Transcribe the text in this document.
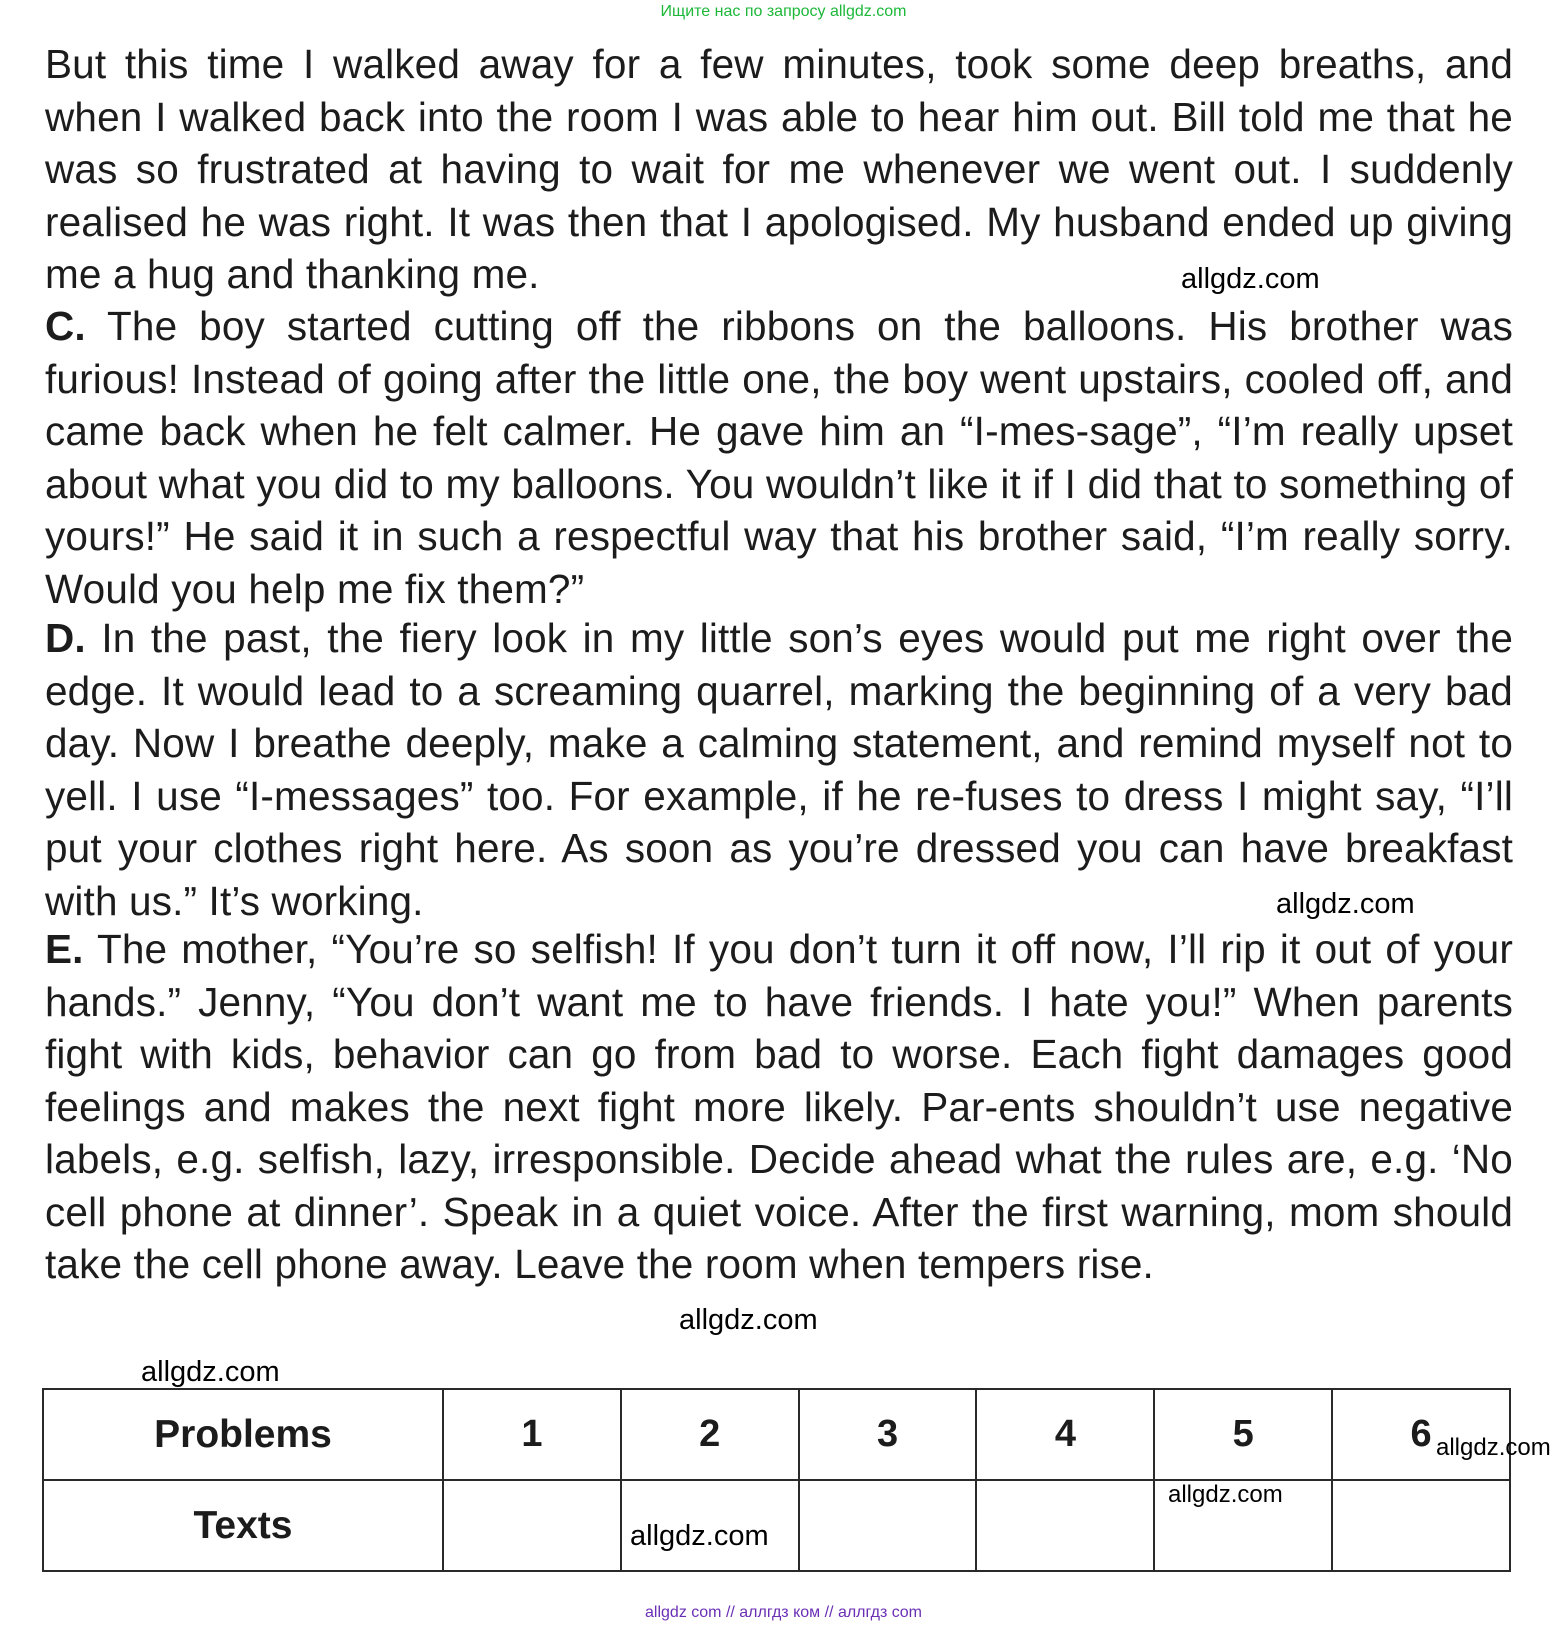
Ищите нас по запросу allgdz.com

But this time I walked away for a few minutes, took some deep breaths, and when I walked back into the room I was able to hear him out. Bill told me that he was so frustrated at having to wait for me whenever we went out. I suddenly realised he was right. It was then that I apologised. My husband ended up giving me a hug and thanking me.

C. The boy started cutting off the ribbons on the balloons. His brother was furious! Instead of going after the little one, the boy went upstairs, cooled off, and came back when he felt calmer. He gave him an “I-mes-sage”, “I’m really upset about what you did to my balloons. You wouldn’t like it if I did that to something of yours!” He said it in such a respectful way that his brother said, “I’m really sorry. Would you help me fix them?”

D. In the past, the fiery look in my little son’s eyes would put me right over the edge. It would lead to a screaming quarrel, marking the beginning of a very bad day. Now I breathe deeply, make a calming statement, and remind myself not to yell. I use “I-messages” too. For example, if he re-fuses to dress I might say, “I’ll put your clothes right here. As soon as you’re dressed you can have breakfast with us.” It’s working.

E. The mother, “You’re so selfish! If you don’t turn it off now, I’ll rip it out of your hands.” Jenny, “You don’t want me to have friends. I hate you!” When parents fight with kids, behavior can go from bad to worse. Each fight damages good feelings and makes the next fight more likely. Par-ents shouldn’t use negative labels, e.g. selfish, lazy, irresponsible. Decide ahead what the rules are, e.g. ‘No cell phone at dinner’. Speak in a quiet voice. After the first warning, mom should take the cell phone away. Leave the room when tempers rise.

Problems	1	2	3	4	5	6
Texts						
allgdz.com
allgdz.com
allgdz.com
allgdz.com
allgdz.com
allgdz.com
allgdz.com
allgdz com // аллгдз ком // аллгдз com
